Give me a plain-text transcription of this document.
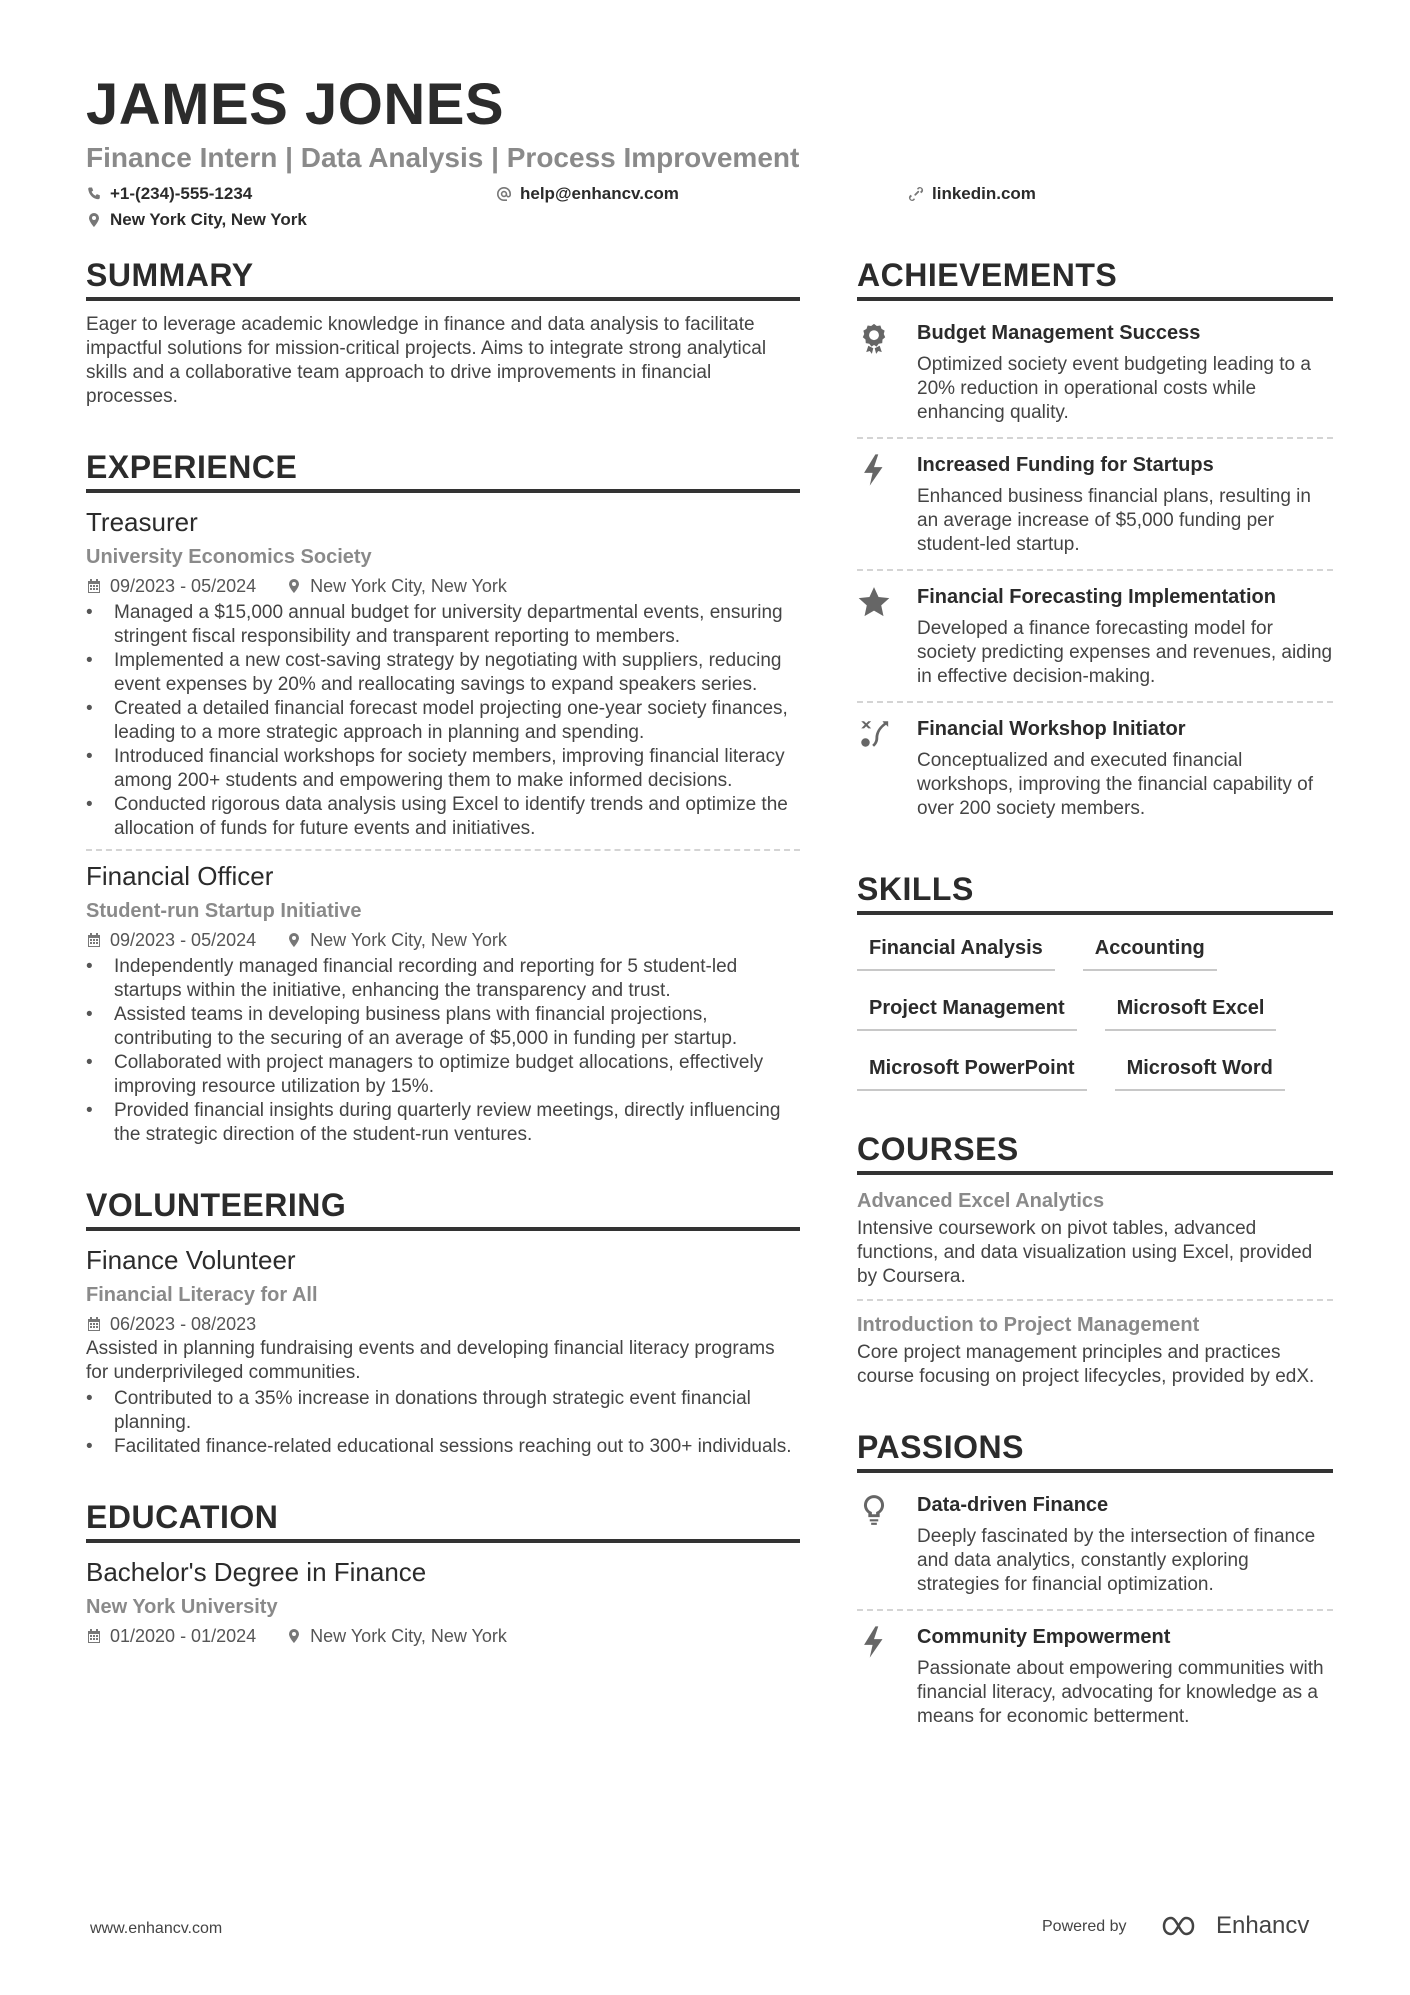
JAMES JONES
Finance Intern | Data Analysis | Process Improvement
+1-(234)-555-1234	help@enhancv.com	linkedin.com
New York City, New York
SUMMARY

Eager to leverage academic knowledge in finance and data analysis to facilitate impactful solutions for mission-critical projects. Aims to integrate strong analytical skills and a collaborative team approach to drive improvements in financial processes.

EXPERIENCE
Treasurer
University Economics Society
09/2023 - 05/2024	New York City, New York
• Managed a $15,000 annual budget for university departmental events, ensuring stringent fiscal responsibility and transparent reporting to members.
• Implemented a new cost-saving strategy by negotiating with suppliers, reducing event expenses by 20% and reallocating savings to expand speakers series.
• Created a detailed financial forecast model projecting one-year society finances, leading to a more strategic approach in planning and spending.
• Introduced financial workshops for society members, improving financial literacy among 200+ students and empowering them to make informed decisions.
• Conducted rigorous data analysis using Excel to identify trends and optimize the allocation of funds for future events and initiatives.
Financial Officer
Student-run Startup Initiative
09/2023 - 05/2024	New York City, New York
• Independently managed financial recording and reporting for 5 student-led startups within the initiative, enhancing the transparency and trust.
• Assisted teams in developing business plans with financial projections, contributing to the securing of an average of $5,000 in funding per startup.
• Collaborated with project managers to optimize budget allocations, effectively improving resource utilization by 15%.
• Provided financial insights during quarterly review meetings, directly influencing the strategic direction of the student-run ventures.
VOLUNTEERING
Finance Volunteer
Financial Literacy for All
06/2023 - 08/2023

Assisted in planning fundraising events and developing financial literacy programs for underprivileged communities.

• Contributed to a 35% increase in donations through strategic event financial planning.
• Facilitated finance-related educational sessions reaching out to 300+ individuals.
EDUCATION
Bachelor's Degree in Finance
New York University
01/2020 - 01/2024	New York City, New York
ACHIEVEMENTS
Budget Management Success
Optimized society event budgeting leading to a 20% reduction in operational costs while enhancing quality.
Increased Funding for Startups
Enhanced business financial plans, resulting in an average increase of $5,000 funding per student-led startup.
Financial Forecasting Implementation
Developed a finance forecasting model for society predicting expenses and revenues, aiding in effective decision-making.
Financial Workshop Initiator
Conceptualized and executed financial workshops, improving the financial capability of over 200 society members.
SKILLS
Financial Analysis	Accounting
Project Management	Microsoft Excel
Microsoft PowerPoint	Microsoft Word
COURSES
Advanced Excel Analytics
Intensive coursework on pivot tables, advanced functions, and data visualization using Excel, provided by Coursera.
Introduction to Project Management
Core project management principles and practices course focusing on project lifecycles, provided by edX.
PASSIONS
Data-driven Finance
Deeply fascinated by the intersection of finance and data analytics, constantly exploring strategies for financial optimization.
Community Empowerment
Passionate about empowering communities with financial literacy, advocating for knowledge as a means for economic betterment.
www.enhancv.com	Powered by	Enhancv
